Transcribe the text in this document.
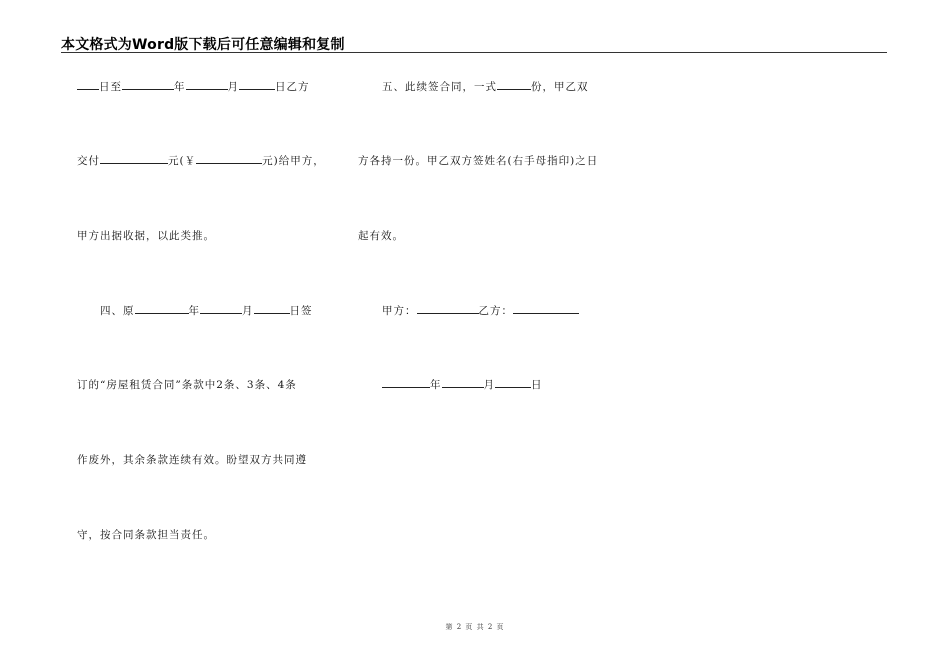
本文格式为Word版下载后可任意编辑和复制
日至	年	月	日乙方
交付	元(￥	元)给甲方，
甲方出据收据，以此类推。
四、原	年	月	日签
订的“房屋租赁合同”条款中2条、3条、4条
作废外，其余条款连续有效。盼望双方共同遵
守，按合同条款担当责任。
五、此续签合同，一式	份，甲乙双
方各持一份。甲乙双方签姓名(右手母指印)之日
起有效。
甲方：	乙方：
年	月	日
第 2 页 共 2 页
